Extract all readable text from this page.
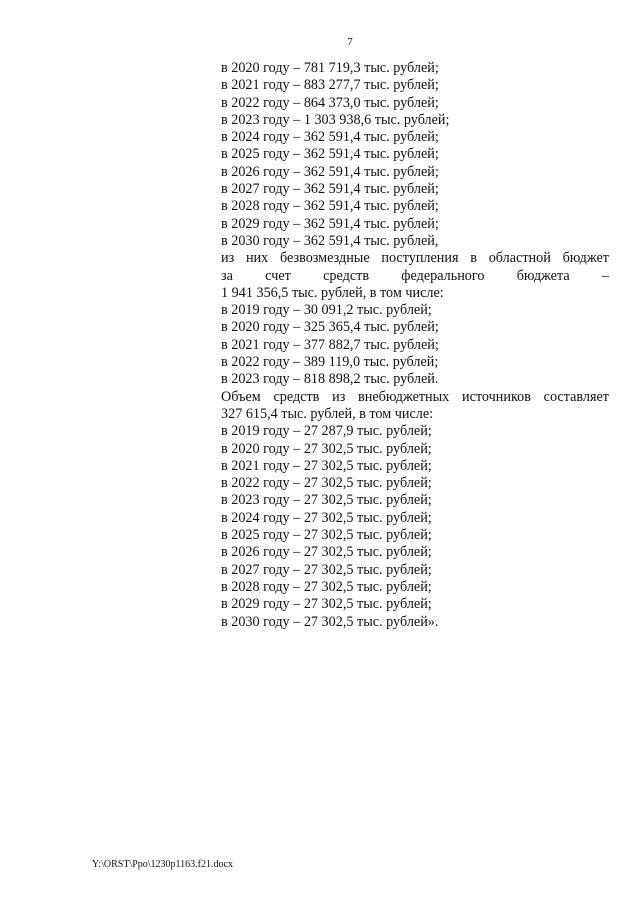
7
в 2020 году – 781 719,3 тыс. рублей;
в 2021 году – 883 277,7 тыс. рублей;
в 2022 году – 864 373,0 тыс. рублей;
в 2023 году – 1 303 938,6 тыс. рублей;
в 2024 году – 362 591,4 тыс. рублей;
в 2025 году – 362 591,4 тыс. рублей;
в 2026 году – 362 591,4 тыс. рублей;
в 2027 году – 362 591,4 тыс. рублей;
в 2028 году – 362 591,4 тыс. рублей;
в 2029 году – 362 591,4 тыс. рублей;
в 2030 году – 362 591,4 тыс. рублей,
из них безвозмездные поступления в областной бюджет
за счет средств федерального бюджета –
1 941 356,5 тыс. рублей, в том числе:
в 2019 году – 30 091,2 тыс. рублей;
в 2020 году – 325 365,4 тыс. рублей;
в 2021 году – 377 882,7 тыс. рублей;
в 2022 году – 389 119,0 тыс. рублей;
в 2023 году – 818 898,2 тыс. рублей.
Объем средств из внебюджетных источников составляет
327 615,4 тыс. рублей, в том числе:
в 2019 году – 27 287,9 тыс. рублей;
в 2020 году – 27 302,5 тыс. рублей;
в 2021 году – 27 302,5 тыс. рублей;
в 2022 году – 27 302,5 тыс. рублей;
в 2023 году – 27 302,5 тыс. рублей;
в 2024 году – 27 302,5 тыс. рублей;
в 2025 году – 27 302,5 тыс. рублей;
в 2026 году – 27 302,5 тыс. рублей;
в 2027 году – 27 302,5 тыс. рублей;
в 2028 году – 27 302,5 тыс. рублей;
в 2029 году – 27 302,5 тыс. рублей;
в 2030 году – 27 302,5 тыс. рублей».
Y:\ORST\Ppo\1230p1163.f21.docx
